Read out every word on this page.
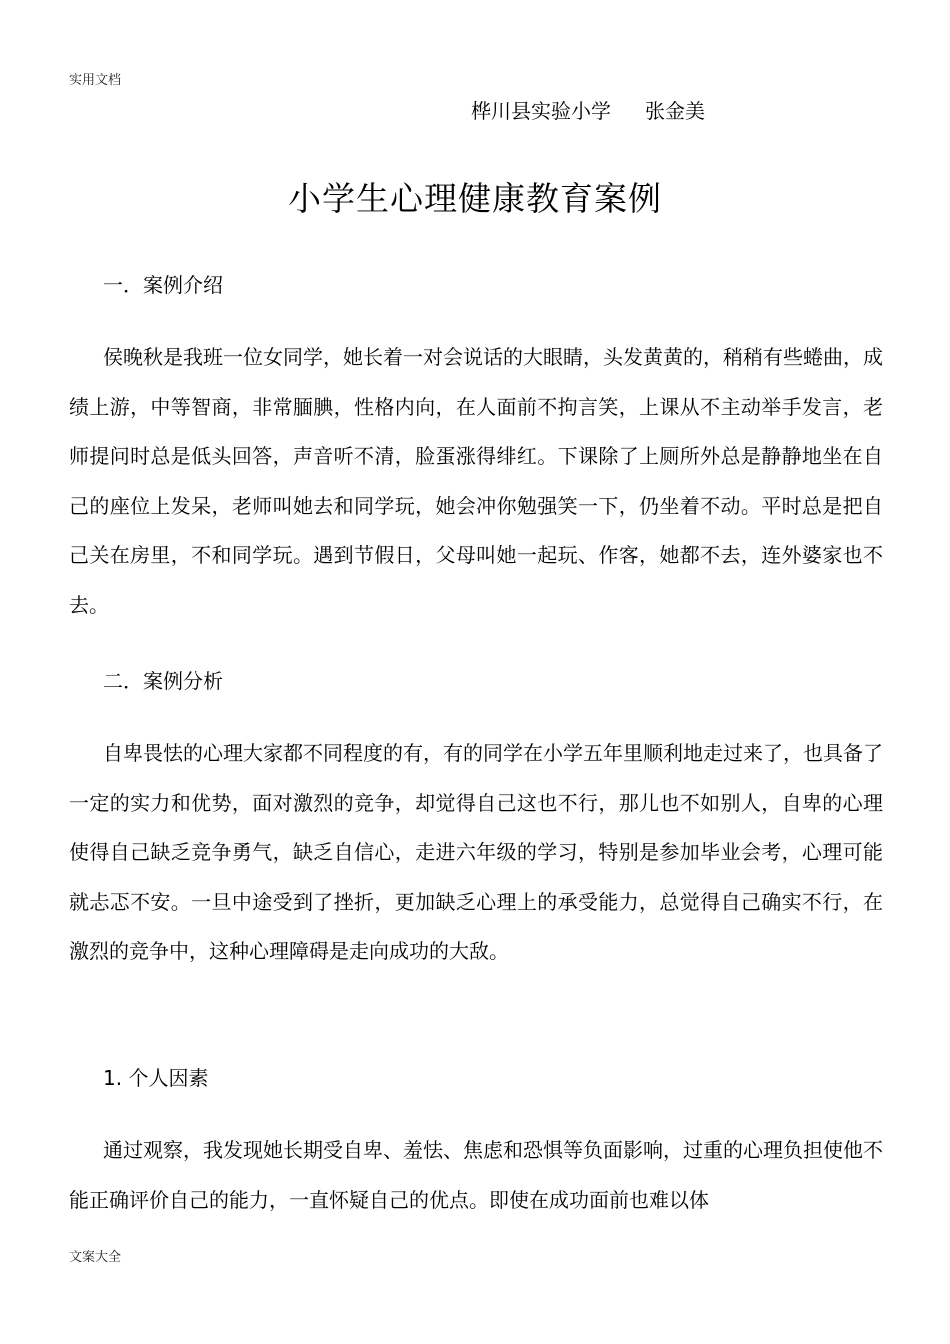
实用文档
桦川县实验小学 张金美
小学生心理健康教育案例
一．案例介绍

侯晚秋是我班一位女同学，她长着一对会说话的大眼睛，头发黄黄的，稍稍有些蜷曲，成绩上游，中等智商，非常腼腆，性格内向，在人面前不拘言笑，上课从不主动举手发言，老师提问时总是低头回答，声音听不清，脸蛋涨得绯红。下课除了上厕所外总是静静地坐在自己的座位上发呆，老师叫她去和同学玩，她会冲你勉强笑一下，仍坐着不动。平时总是把自己关在房里，不和同学玩。遇到节假日，父母叫她一起玩、作客，她都不去，连外婆家也不去。

二．案例分析

自卑畏怯的心理大家都不同程度的有，有的同学在小学五年里顺利地走过来了，也具备了一定的实力和优势，面对激烈的竞争，却觉得自己这也不行，那儿也不如别人，自卑的心理使得自己缺乏竞争勇气，缺乏自信心，走进六年级的学习，特别是参加毕业会考，心理可能就忐忑不安。一旦中途受到了挫折，更加缺乏心理上的承受能力，总觉得自己确实不行，在激烈的竞争中，这种心理障碍是走向成功的大敌。

1. 个人因素

通过观察，我发现她长期受自卑、羞怯、焦虑和恐惧等负面影响，过重的心理负担使他不能正确评价自己的能力，一直怀疑自己的优点。即使在成功面前也难以体

文案大全
